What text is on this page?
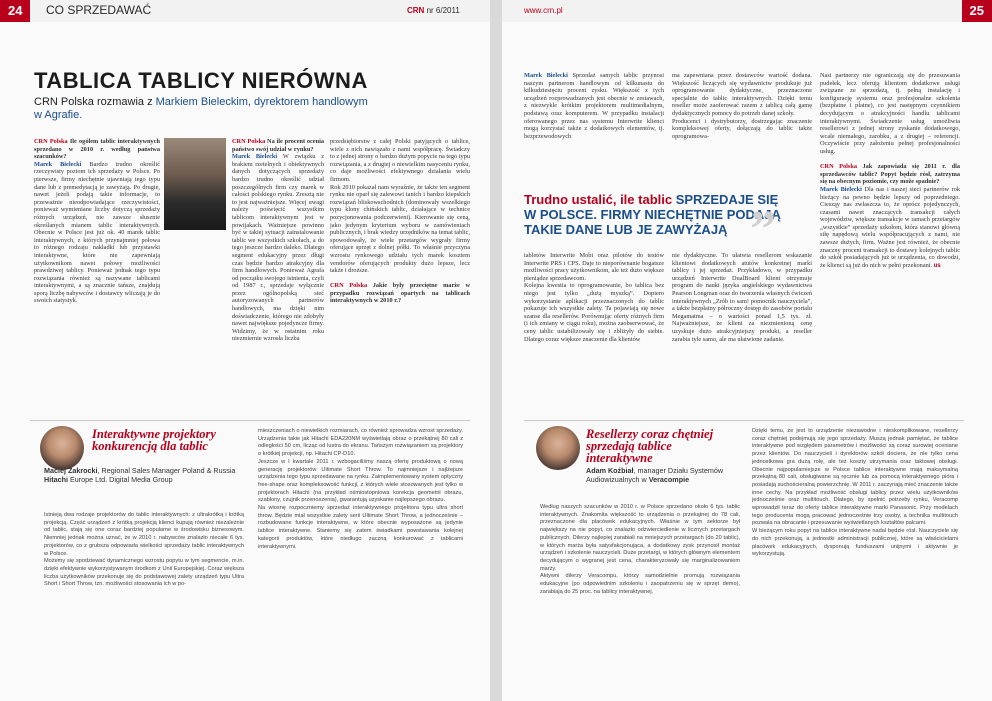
24	CO SPRZEDAWAĆ	CRN nr 6/2011	www.crn.pl	25
TABLICA TABLICY NIERÓWNA
CRN Polska rozmawia z Markiem Bieleckim, dyrektorem handlowym
w Agrafie.
CRN Polska Ile ogółem tablic interaktywnych sprzedano w 2010 r. według państwa szacunków?
Marek Bielecki Bardzo trudno określić rzeczywisty poziom ich sprzedaży w Polsce. Po pierwsze, firmy niechętnie ujawniają tego typu dane lub z premedytacją je zawyżają. Po drugie, nawet jeżeli podają takie informacje, to przeważnie nieodpowiadające rzeczywistości, ponieważ wymieniane liczby dotyczą sprzedaży różnych urządzeń, nie zawsze słusznie określanych mianem tablic interaktywnych. Obecnie w Polsce jest już ok. 40 marek tablic interaktywnych, z których przynajmniej połowa to różnego rodzaju nakładki lub przystawki interaktywne, które nie zapewniają użytkownikom nawet połowy możliwości prawdziwej tablicy. Ponieważ jednak tego typu rozwiązania również są nazywane tablicami interaktywnymi, a są znacznie tańsze, znajdują sporą liczbę nabywców i dostawcy wliczają je do swoich statystyk.
CRN Polska Na ile procent ocenia państwo swój udział w rynku?
Marek Bielecki W związku z brakiem rzetelnych i obiektywnych danych dotyczących sprzedaży bardzo trudno określić udział poszczególnych firm czy marek w całości polskiego rynku. Zresztą nie to jest najważniejsze. Więcej uwagi należy poświęcić wszystkim tablicom interaktywnym jest w powijakach. Ważniejsze powinno być w takiej sytuacji zainstalowanie tablic we wszystkich szkołach, a do tego jeszcze bardzo daleko. Dlatego segment edukacyjny przez długi czas będzie bardzo atrakcyjny dla firm handlowych. Ponieważ Agrafa od początku swojego istnienia, czyli od 1987 r., sprzedaje wyłącznie przez ogólnopolską sieć autoryzowanych partnerów handlowych, ma dzięki nim doświadczenie, którego nie zdobyły nawet największe pojedyncze firmy. Widzimy, że w ostatnim roku niezmiernie wzrosła liczba
przedsiębiorstw z całej Polski patyjących o tablice, wiele z nich nawiązało z nami współpracę. Świadczy to z jednej strony o bardzo dużym popycie na tego typu rozwiązania, a z drugiej o niewielkim nasyceniu rynku, co daje możliwości efektywnego działania wielu firmom.
Rok 2010 pokazał nam wyraźnie, że także ten segment rynku nie oparł się zalewowi tanich i bardzo kiepskich rozwiązań bliskowschodnich (dominowały wszelkiego typu klony chińskich tablic, działające w technice pozycjonowania podczerwieni). Kierowanie się ceną, jako jedynym kryterium wyboru w zamówieniach publicznych, i brak wiedzy urzędników na temat tablic, spowodowały, że wiele przetargów wygrały firmy oferujące sprzęt z dolnej półki. To właśnie przyczyna wzrostu rynkowego udziału tych marek kosztem vendorów oferujących produkty dużo lepsze, lecz także i droższe.

CRN Polska Jakie były przeciętne marże w przypadku rozwiązań opartych na tablicach interaktywnych w 2010 r.?
Marek Bielecki Sprzedaż samych tablic przynosi naszym partnerom handlowym od kilkunastu do kilkudziesięciu procent zysku. Większość z tych urządzeń rozprowadzanych jest obecnie w zestawach, z niezwykle krótkim projektorem multimedialnym, podstawą oraz komputerem. W przypadku instalacji oferowanego przez nas systemu Interwrite klienci mogą korzystać także z dodatkowych elementów, tj. bezprzewodowych
ma zapewniana przez dostawców wartość dodana. Większość liczących się wydawnictw produkuje już oprogramowanie dydaktyczne, przeznaczone specjalnie do tablic interaktywnych. Dzięki temu reseller może zaoferować razem z tablicą całą gamę dydaktycznych pomocy do potrzeb danej szkoły.
Producenci i dystrybutorzy, dostrzegając znaczenie kompleksowej oferty, dołączają do tablic także oprogramowa-
Trudno ustalić, ile tablic SPRZEDAJE SIĘ W POLSCE. FIRMY NIECHĘTNIE PODAJĄ TAKIE DANE LUB JE ZAWYŻAJĄ ”
tabletów Interwrite Mobi oraz pilotów do testów Interwrite PRS i CPS. Daje to nieporównanie bogatsze możliwości pracy użytkownikom, ale też dużo większe pieniądze sprzedawcom.
Kolejna kwestia to oprogramowanie, bo tablica bez niego jest tylko „dużą myszką”. Dopiero wykorzystanie aplikacji przeznaczonych do tablic pokazuje ich wszystkie zalety. Ta pojawiają się nowe szanse dla resellerów. Porównując oferty różnych firm (i ich zmiany w ciągu roku), można zaobserwować, że ceny tablic ustabilizowały się i zbliżyły do siebie. Dlatego coraz większe znaczenie dla klientów
nie dydaktyczne. To ułatwia resellerom wskazanie klientowi dodatkowych atutów konkretnej marki tablicy i jej sprzedaż. Przykładowo, w przypadku urządzeń Interwrite DualBoard klient otrzymuje program do nauki języka angielskiego wydawnictwa Pearson Longman oraz do tworzenia własnych ćwiczeń interaktywnych „Zrób to sam! pomocnik nauczyciela”, a także bezpłatny półroczny dostęp do zasobów portalu Megamatma – o wartości ponad 1,5 tys. zł. Najważniejsze, że klient za niezmienioną cenę uzyskuje dużo atrakcyjniejszy produkt, a reseller zarabia tyle samo, ale ma ułatwione zadanie.
Nasi partnerzy nie ograniczają się do przesuwania pudełek, lecz oferują klientom dodatkowe usługi związane ze sprzedażą, tj. pełną instalację i konfigurację systemu oraz profesjonalne szkolenia (bezpłatne i płatne), co jest następnym czynnikiem decydującym o atrakcyjności handlu tablicami interaktywnymi. Świadczenie usług umożliwia resellerowi z jednej strony zyskanie dodatkowego, wcale niemałego, zarobku, a z drugiej – referencji. Oczywiście przy założeniu pełnej profesjonalności usług.

CRN Polska Jak zapowiada się 2011 r. dla sprzedawców tablic? Popyt będzie rósł, zatrzyma się na obecnym poziomie, czy może spadnie?
Marek Bielecki Dla nas i naszej sieci partnerów rok bieżący na pewno będzie lepszy od poprzedniego. Ciesząy nas zwłaszcza to, że oprócz pojedynczych, czasami nawet znaczących transakcji całych województw, większe transakcje w ramach przetargów „wszystkie” sprzedaży szkołom, która stanowi główną siłę napędową wielu współpracujących z nami, nie zawsze dużych, firm. Ważne jest również, że obecnie znaczny procent transakcji to dostawy kolejnych tablic do szkół posiadających już te urządzenia, co dowodzi, że klienci są już do nich w pełni przekonani. us
Interaktywne projektory konkurencją dla tablic
Maciej Zakrocki, Regional Sales Manager Poland & Russia Hitachi Europe Ltd. Digital Media Group
Istnieją dwa rodzaje projektorów do tablic interaktywnych: z ultrakrótką i krótką projekcją. Część urządzeń z krótką projekcją klienci kupują również niezależnie od tablic, stają się one coraz bardziej popularne w środowisku biznesowym. Niemniej jednak można uznać, że w 2010 r. nabywców znalazło niecałe 6 tys. projektorów, co z grubsza odpowiada wielkości sprzedaży tablic interaktywnych w Polsce.
Możemy się spodziewać dynamicznego wzrostu popytu w tym segmencie, m.in. dzięki efektywnie wykorzystywanym środkom z Unii Europejskiej. Coraz większa liczba użytkowników przekonuje się do podstawowej zalety urządzeń typu Ultra Short i Short Throw, tzn. możliwości stosowania ich w po-
mieszczeniach o niewielkich rozmiarach, co również sprowadza wzrost sprzedaży. Urządzenia takie jak Hitachi EDA220NM wyświetlają obraz o przekątnej 80 cali z odległości 50 cm, licząc od lustra do ekranu. Tańszym rozwiązaniem są projektory o krótkiej projekcji, np. Hitachi CP-D10.
Jeszcze w I kwartale 2011 r. wzbogaciliśmy naszą ofertę produktową o nową generację projektorów Ultimate Short Throw. To najmniejsze i najlżejsze urządzenia tego typu sprzedawane na rynku. Zaimplementowany system optyczny free-shape oraz kompleksowość funkcji, z których wiele stosowanych jest tylko w projektorach Hitachi (na przykład ośmiostopniowa korekcja geometrii obrazu, szablony, czujnik przenoszenia), gwarantują uzyskanie najlepszego obrazu.
Na wiosnę rozpoczniemy sprzedaż interaktywnego projektora typu ultra short throw. Będzie miał wszystkie zalety serii Ultimate Short Throw, a jednocześnie – rozbudowane funkcje interaktywne, w które obecnie wyposażone są jedynie tablice interaktywne. Staniemy się zatem świadkami powstawania kolejnej kategorii produktów, które niedługo zaczną konkurować z tablicami interaktywnymi.
Resellerzy coraz chętniej sprzedają tablice interaktywne
Adam Koźbiał, manager Działu Systemów Audiowizualnych w Veracompie
Według naszych szacunków w 2010 r. w Polsce sprzedano około 6 tys. tablic interaktywnych. Znakomita większość to urządzenia o przekątnej do 78 cali, przeznaczone dla placówek edukacyjnych. Właśnie w tym sektorze był największy na nie popyt, co znalazło odzwierciedlenie w licznych przetargach publicznych. Dilerzy najlepiej zarabiali na mniejszych przetargach (do 20 tablic), w których marża była satysfakcjonująca, a dodatkowy zysk przynosił montaż urządzeń i szkolenie nauczycieli. Duże przetargi, w których głównym elementem decydującym o wygranej jest cena, charakteryzowały się marginalizowaniem marży.
Aktywni dilerzy Veracompu, którzy samodzielnie promują rozwiązania edukacyjne (po odpowiednim szkoleniu i zaopatrzeniu się w sprzęt demo), zarabiają do 25 proc. na tablicy interaktywnej.
Dzięki temu, że jest to urządzenie niezawodne i nieskomplikowane, resellerzy coraz chętniej podejmują się jego sprzedaży. Muszą jednak pamiętać, że tablice interaktywne pod względem parametrów i możliwości są coraz surowiej oceniane przez klientów. Do nauczycieli i dyrektorów szkół dociera, że nie tylko cena jednostkowa gra dużą rolę, ale też koszty utrzymania oraz taktowej obsługi. Obecnie najpopularniejsze w Polsce tablice interaktywne mają maksymalną przekątną 80 cali, obsługiwane są ręcznie lub za pomocą interaktywnego pióra i posiadają suchościeralną powierzchnię. W 2011 r. zaczynają mieć znaczenie także inne cechy. Na przykład możliwość obsługi tablicy przez wielu użytkowników jednocześnie oraz multitouch. Dlatego, by spełnić potrzeby rynku, Veracomp wprowadził teraz do oferty tablice interaktywne marki Panasonic. Przy modelach tego producenta mogą pracować jednocześnie trzy osoby, a technika multitouch pozwala na obracanie i przesuwanie wyświetlanych kształtów palcami.
W bieżącym roku popyt na tablice interaktywne nadal będzie rósł. Nauczyciele się do nich przekonują, a jednostki administracji publicznej, które są właścicielami placówek edukacyjnych, dysponują funduszami unijnymi i aktywnie je wykorzystują.
